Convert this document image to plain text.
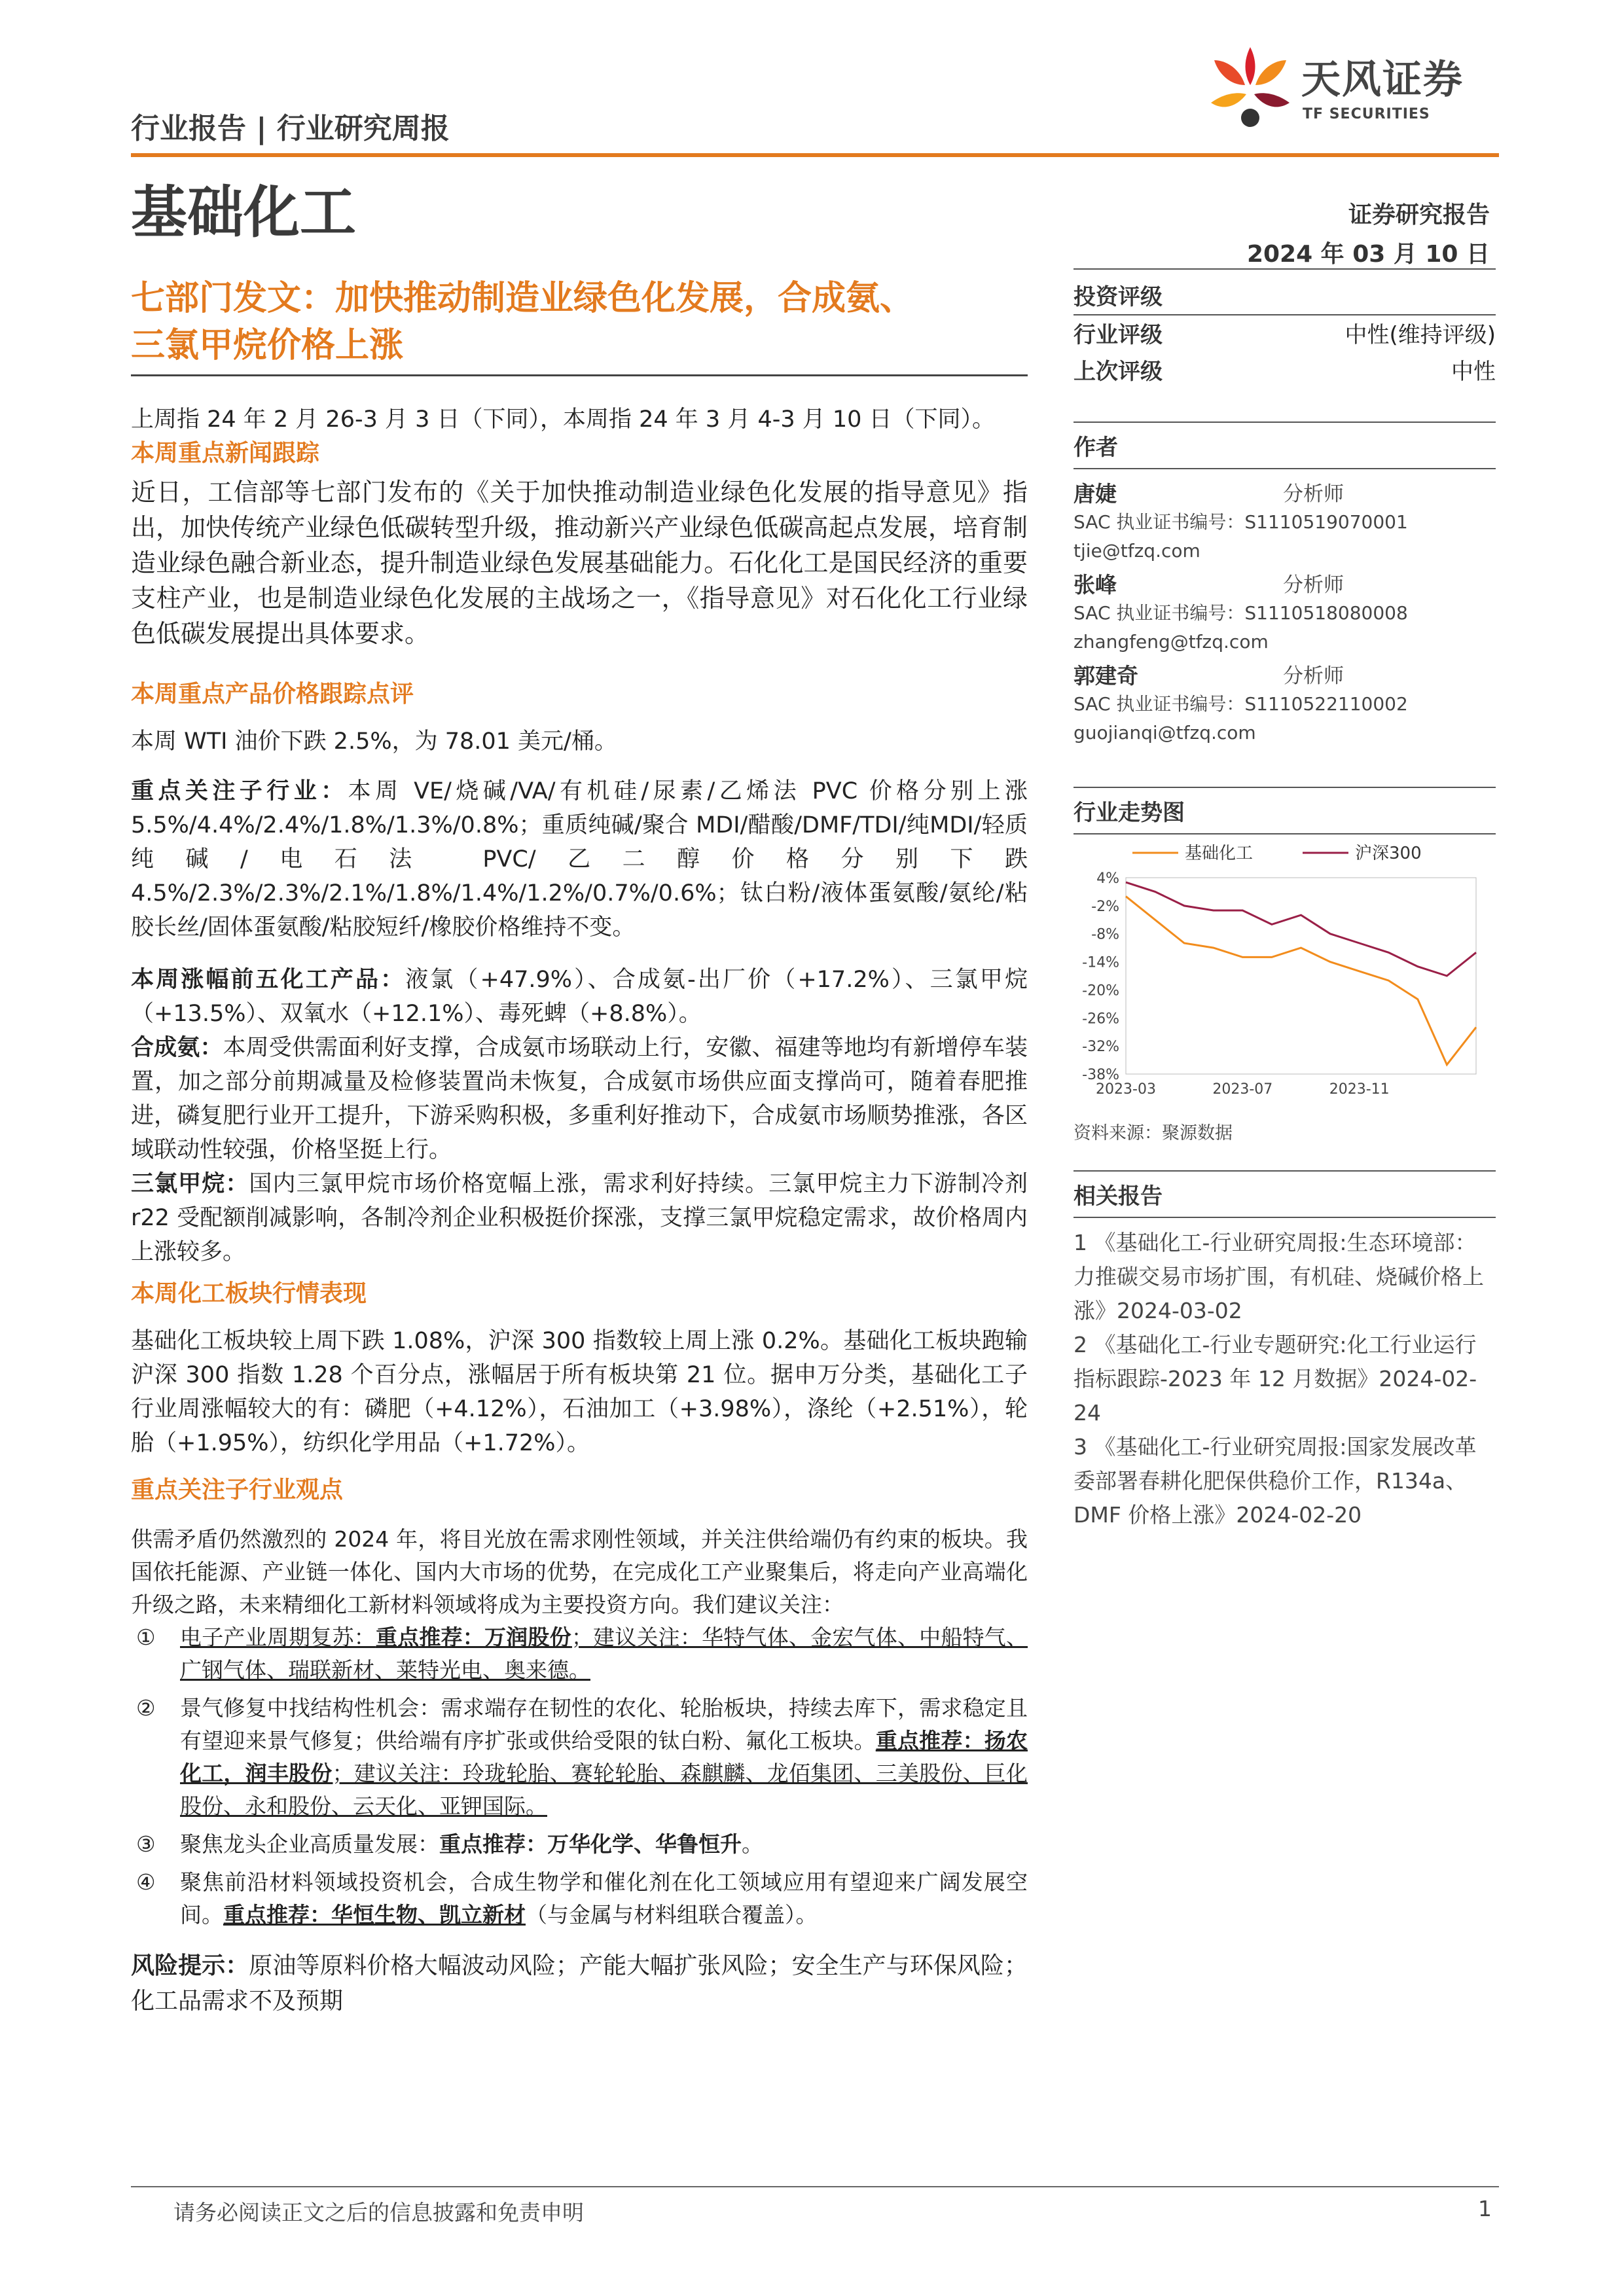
行业报告 | 行业研究周报
天风证券
TF SECURITIES
基础化工	证券研究报告
2024 年 03 月 10 日
七部门发文：加快推动制造业绿色化发展，合成氨、
三氯甲烷价格上涨
投资评级
行业评级	中性(维持评级)
上次评级	中性
作者
唐婕	分析师
SAC 执业证书编号：S1110519070001
tjie@tfzq.com
张峰	分析师
SAC 执业证书编号：S1110518080008
zhangfeng@tfzq.com
郭建奇	分析师
SAC 执业证书编号：S1110522110002
guojianqi@tfzq.com
行业走势图
基础化工	沪深300
4%
-2%
-8%
-14%
-20%
-26%
-32%
-38%
2023-03	2023-07	2023-11
资料来源：聚源数据
相关报告
1 《基础化工-行业研究周报:生态环境部：力推碳交易市场扩围，有机硅、烧碱价格上涨》2024-03-02
2 《基础化工-行业专题研究:化工行业运行指标跟踪-2023 年 12 月数据》2024-02-24
3 《基础化工-行业研究周报:国家发展改革委部署春耕化肥保供稳价工作，R134a、DMF 价格上涨》2024-02-20
上周指 24 年 2 月 26-3 月 3 日（下同），本周指 24 年 3 月 4-3 月 10 日（下同）。
本周重点新闻跟踪
近日，工信部等七部门发布的《关于加快推动制造业绿色化发展的指导意见》指出，加快传统产业绿色低碳转型升级，推动新兴产业绿色低碳高起点发展，培育制造业绿色融合新业态，提升制造业绿色发展基础能力。石化化工是国民经济的重要支柱产业，也是制造业绿色化发展的主战场之一，《指导意见》对石化化工行业绿色低碳发展提出具体要求。
本周重点产品价格跟踪点评
本周 WTI 油价下跌 2.5%，为 78.01 美元/桶。
重点关注子行业：本周 VE/烧碱/VA/有机硅/尿素/乙烯法 PVC 价格分别上涨 5.5%/4.4%/2.4%/1.8%/1.3%/0.8%；重质纯碱/聚合 MDI/醋酸/DMF/TDI/纯MDI/轻质纯碱/电石法 PVC/乙二醇价格分别下跌 4.5%/2.3%/2.3%/2.1%/1.8%/1.4%/1.2%/0.7%/0.6%；钛白粉/液体蛋氨酸/氨纶/粘胶长丝/固体蛋氨酸/粘胶短纤/橡胶价格维持不变。
本周涨幅前五化工产品：液氯（+47.9%）、合成氨-出厂价（+17.2%）、三氯甲烷（+13.5%）、双氧水（+12.1%）、毒死蜱（+8.8%）。
合成氨：本周受供需面利好支撑，合成氨市场联动上行，安徽、福建等地均有新增停车装置，加之部分前期减量及检修装置尚未恢复，合成氨市场供应面支撑尚可，随着春肥推进，磷复肥行业开工提升，下游采购积极，多重利好推动下，合成氨市场顺势推涨，各区域联动性较强，价格坚挺上行。
三氯甲烷：国内三氯甲烷市场价格宽幅上涨，需求利好持续。三氯甲烷主力下游制冷剂 r22 受配额削减影响，各制冷剂企业积极挺价探涨，支撑三氯甲烷稳定需求，故价格周内上涨较多。
本周化工板块行情表现
基础化工板块较上周下跌 1.08%，沪深 300 指数较上周上涨 0.2%。基础化工板块跑输沪深 300 指数 1.28 个百分点，涨幅居于所有板块第 21 位。据申万分类，基础化工子行业周涨幅较大的有：磷肥（+4.12%），石油加工（+3.98%），涤纶（+2.51%），轮胎（+1.95%），纺织化学用品（+1.72%）。
重点关注子行业观点
供需矛盾仍然激烈的 2024 年，将目光放在需求刚性领域，并关注供给端仍有约束的板块。我国依托能源、产业链一体化、国内大市场的优势，在完成化工产业聚集后，将走向产业高端化升级之路，未来精细化工新材料领域将成为主要投资方向。我们建议关注：
① 电子产业周期复苏：重点推荐：万润股份；建议关注：华特气体、金宏气体、中船特气、广钢气体、瑞联新材、莱特光电、奥来德。
② 景气修复中找结构性机会：需求端存在韧性的农化、轮胎板块，持续去库下，需求稳定且有望迎来景气修复；供给端有序扩张或供给受限的钛白粉、氟化工板块。重点推荐：扬农化工，润丰股份；建议关注：玲珑轮胎、赛轮轮胎、森麒麟、龙佰集团、三美股份、巨化股份、永和股份、云天化、亚钾国际。
③ 聚焦龙头企业高质量发展：重点推荐：万华化学、华鲁恒升。
④ 聚焦前沿材料领域投资机会，合成生物学和催化剂在化工领域应用有望迎来广阔发展空间。重点推荐：华恒生物、凯立新材（与金属与材料组联合覆盖）。
风险提示：原油等原料价格大幅波动风险；产能大幅扩张风险；安全生产与环保风险；化工品需求不及预期
请务必阅读正文之后的信息披露和免责申明	1
